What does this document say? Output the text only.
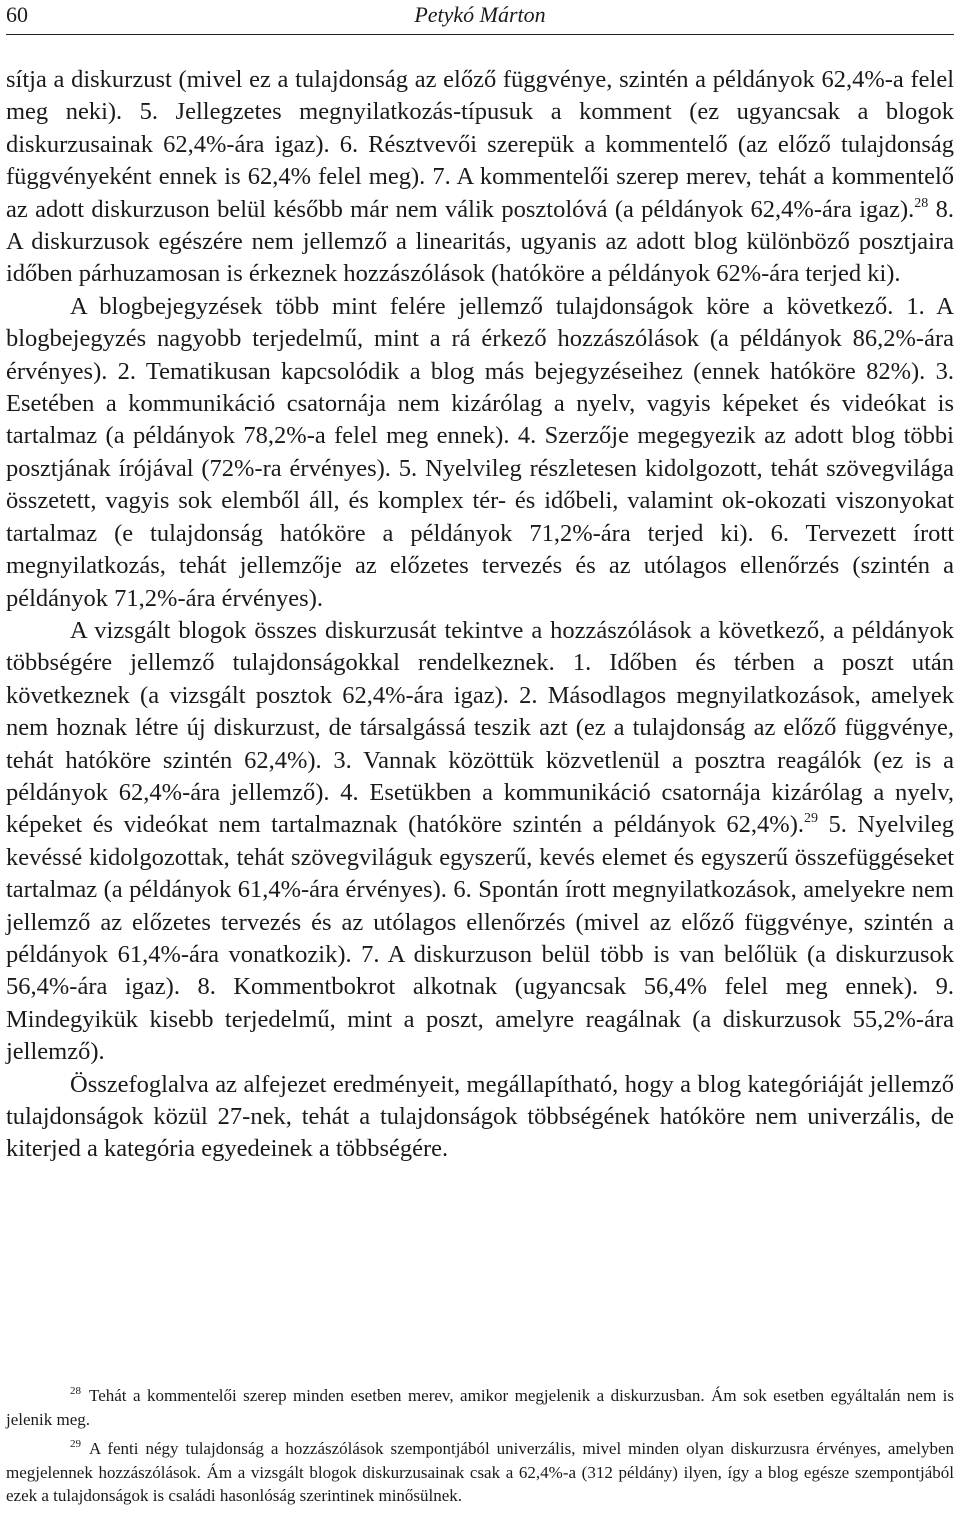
60	Petykó Márton

sítja a diskurzust (mivel ez a tulajdonság az előző függvénye, szintén a példányok 62,4%-a felel meg neki). 5. Jellegzetes megnyilatkozás-típusuk a komment (ez ugyancsak a blogok diskurzusainak 62,4%-ára igaz). 6. Résztvevői szerepük a kommentelő (az előző tulajdonság függvényeként ennek is 62,4% felel meg). 7. A kommentelői szerep merev, tehát a kommentelő az adott diskurzuson belül később már nem válik posztolóvá (a példányok 62,4%-ára igaz).$^{28}$ 8. A diskurzusok egészére nem jellemző a linearitás, ugyanis az adott blog különböző posztjaira időben párhuzamosan is érkeznek hozzászólások (hatóköre a példányok 62%-ára terjed ki).

A blogbejegyzések több mint felére jellemző tulajdonságok köre a következő. 1. A blogbejegyzés nagyobb terjedelmű, mint a rá érkező hozzászólások (a példányok 86,2%-ára érvényes). 2. Tematikusan kapcsolódik a blog más bejegyzéseihez (ennek hatóköre 82%). 3. Esetében a kommunikáció csatornája nem kizárólag a nyelv, vagyis képeket és videókat is tartalmaz (a példányok 78,2%-a felel meg ennek). 4. Szerzője megegyezik az adott blog többi posztjának írójával (72%-ra érvényes). 5. Nyelvileg részletesen kidolgozott, tehát szövegvilága összetett, vagyis sok elemből áll, és komplex tér- és időbeli, valamint ok-okozati viszonyokat tartalmaz (e tulajdonság hatóköre a példányok 71,2%-ára terjed ki). 6. Tervezett írott megnyilatkozás, tehát jellemzője az előzetes tervezés és az utólagos ellenőrzés (szintén a példányok 71,2%-ára érvényes).

A vizsgált blogok összes diskurzusát tekintve a hozzászólások a következő, a példányok többségére jellemző tulajdonságokkal rendelkeznek. 1. Időben és térben a poszt után következnek (a vizsgált posztok 62,4%-ára igaz). 2. Másodlagos megnyilatkozások, amelyek nem hoznak létre új diskurzust, de társalgássá teszik azt (ez a tulajdonság az előző függvénye, tehát hatóköre szintén 62,4%). 3. Vannak közöttük közvetlenül a posztra reagálók (ez is a példányok 62,4%-ára jellemző). 4. Esetükben a kommunikáció csatornája kizárólag a nyelv, képeket és videókat nem tartalmaznak (hatóköre szintén a példányok 62,4%).$^{29}$ 5. Nyelvileg kevéssé kidolgozottak, tehát szövegviláguk egyszerű, kevés elemet és egyszerű összefüggéseket tartalmaz (a példányok 61,4%-ára érvényes). 6. Spontán írott megnyilatkozások, amelyekre nem jellemző az előzetes tervezés és az utólagos ellenőrzés (mivel az előző függvénye, szintén a példányok 61,4%-ára vonatkozik). 7. A diskurzuson belül több is van belőlük (a diskurzusok 56,4%-ára igaz). 8. Kommentbokrot alkotnak (ugyancsak 56,4% felel meg ennek). 9. Mindegyikük kisebb terjedelmű, mint a poszt, amelyre reagálnak (a diskurzusok 55,2%-ára jellemző).

Összefoglalva az alfejezet eredményeit, megállapítható, hogy a blog kategóriáját jellemző tulajdonságok közül 27-nek, tehát a tulajdonságok többségének hatóköre nem univerzális, de kiterjed a kategória egyedeinek a többségére.

$^{28}$ Tehát a kommentelői szerep minden esetben merev, amikor megjelenik a diskurzusban. Ám sok esetben egyáltalán nem is jelenik meg.

$^{29}$ A fenti négy tulajdonság a hozzászólások szempontjából univerzális, mivel minden olyan diskurzusra érvényes, amelyben megjelennek hozzászólások. Ám a vizsgált blogok diskurzusainak csak a 62,4%-a (312 példány) ilyen, így a blog egésze szempontjából ezek a tulajdonságok is családi hasonlóság szerintinek minősülnek.
